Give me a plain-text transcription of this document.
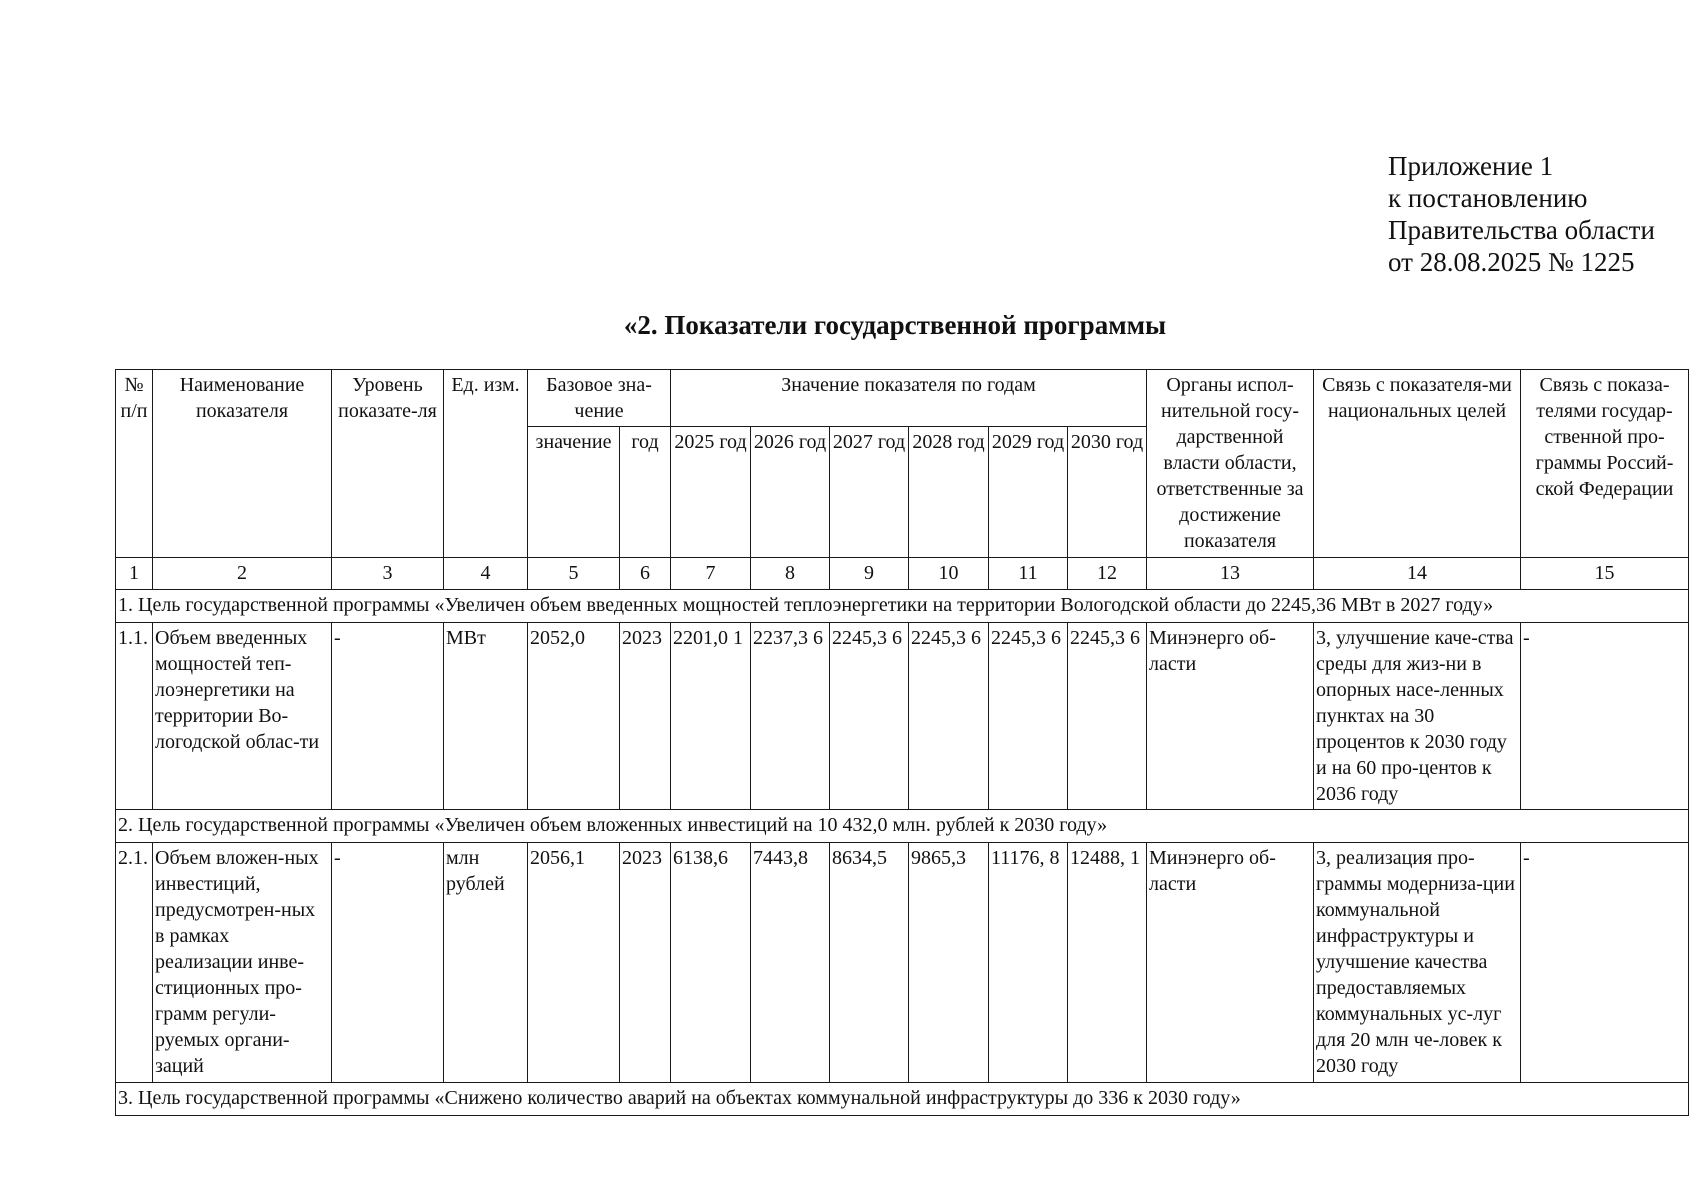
Приложение 1
к постановлению
Правительства области
от 28.08.2025 № 1225
«2. Показатели государственной программы
№ п/п	Наименование показателя	Уровень показате-ля	Ед. изм.	Базовое зна-чение		Значение показателя по годам						Органы испол-нительной госу-дарственной власти области, ответственные за достижение показателя	Связь с показателя-ми национальных целей	Связь с показа-телями государ-ственной про-граммы Россий-ской Федерации
				значение	год	2025 год	2026 год	2027 год	2028 год	2029 год	2030 год			
1	2	3	4	5	6	7	8	9	10	11	12	13	14	15
1. Цель государственной программы «Увеличен объем введенных мощностей теплоэнергетики на территории Вологодской области до 2245,36 МВт в 2027 году»														
1.1.	Объем введенных мощностей теп-лоэнергетики на территории Во-логодской облас-ти	-	МВт	2052,0	2023	2201,0 1	2237,3 6	2245,3 6	2245,3 6	2245,3 6	2245,3 6	Минэнерго об-ласти	3, улучшение каче-ства среды для жиз-ни в опорных насе-ленных пунктах на 30 процентов к 2030 году и на 60 про-центов к 2036 году	-
2. Цель государственной программы «Увеличен объем вложенных инвестиций на 10 432,0 млн. рублей к 2030 году»														
2.1.	Объем вложен-ных инвестиций, предусмотрен-ных в рамках реализации инве-стиционных про-грамм регули-руемых органи-заций	-	млн рублей	2056,1	2023	6138,6	7443,8	8634,5	9865,3	11176, 8	12488, 1	Минэнерго об-ласти	3, реализация про-граммы модерниза-ции коммунальной инфраструктуры и улучшение качества предоставляемых коммунальных ус-луг для 20 млн че-ловек к 2030 году	-
3. Цель государственной программы «Снижено количество аварий на объектах коммунальной инфраструктуры до 336 к 2030 году»														
